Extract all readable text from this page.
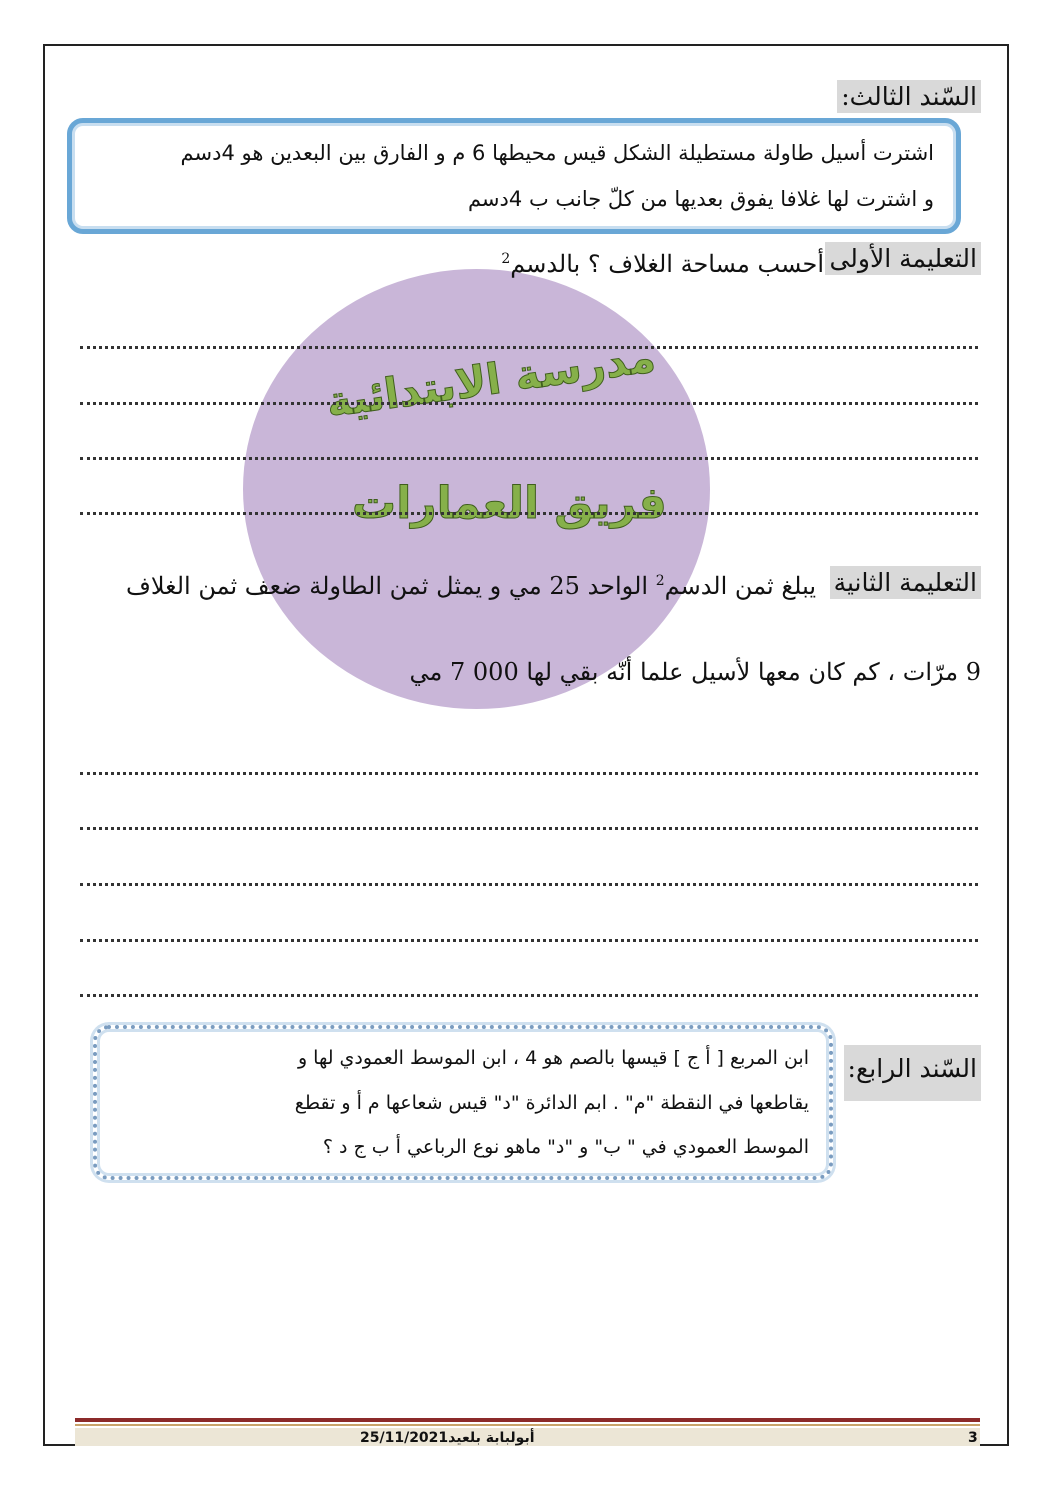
السّند الثالث:

اشترت أسيل طاولة مستطيلة الشكل قيس محيطها 6 م و الفارق بين البعدين هو 4دسم

و اشترت لها غلافا يفوق بعديها من كلّ جانب ب 4دسم

مدرسة الابتدائية
فريق العمارات
التعليمة الأولى
أحسب مساحة الغلاف ؟ بالدسم$^2$
التعليمة الثانية
يبلغ ثمن الدسم$^2$ الواحد 25 مي و يمثل ثمن الطاولة ضعف ثمن الغلاف
9 مرّات ، كم كان معها لأسيل علما أنّه بقي لها 000 7 مي
السّند الرابع:

ابن المربع [ أ ج ] قيسها بالصم هو 4 ، ابن الموسط العمودي لها و

يقاطعها في النقطة "م" . ابم الدائرة "د" قيس شعاعها م أ و تقطع

الموسط العمودي في " ب" و "د" ماهو نوع الرباعي أ ب ج د ؟

أبولبابة بلعيد25/11/2021	3
